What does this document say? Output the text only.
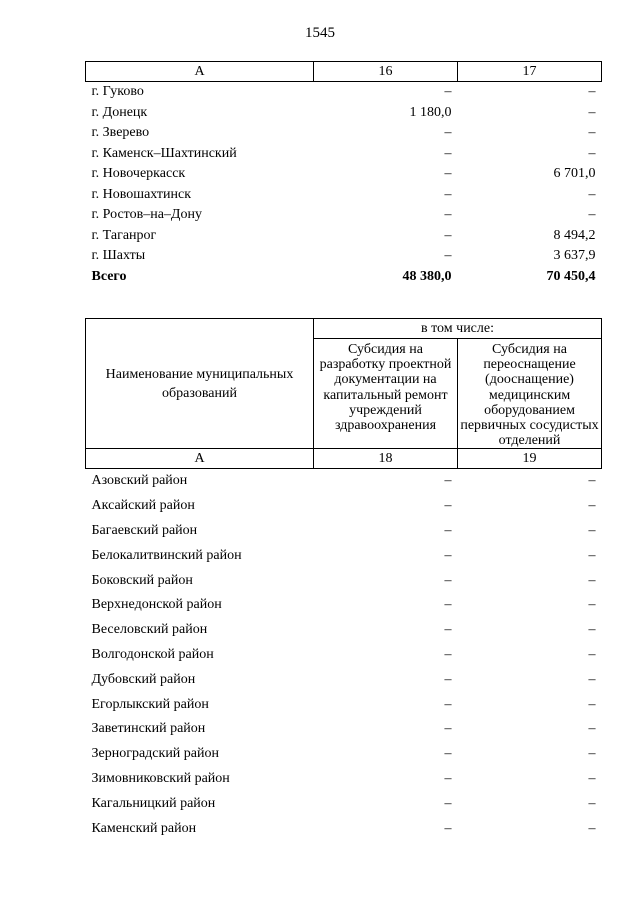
1545
А	16	17
г. Гуково	–	–
г. Донецк	1 180,0	–
г. Зверево	–	–
г. Каменск–Шахтинский	–	–
г. Новочеркасск	–	6 701,0
г. Новошахтинск	–	–
г. Ростов–на–Дону	–	–
г. Таганрог	–	8 494,2
г. Шахты	–	3 637,9
Всего	48 380,0	70 450,4
Наименование муниципальных образований	в том числе:	
	Субсидия на разработку проектной документации на капитальный ремонт учреждений здравоохранения	Субсидия на переоснащение (дооснащение) медицинским оборудованием первичных сосудистых отделений
А	18	19
Азовский район	–	–
Аксайский район	–	–
Багаевский район	–	–
Белокалитвинский район	–	–
Боковский район	–	–
Верхнедонской район	–	–
Веселовский район	–	–
Волгодонской район	–	–
Дубовский район	–	–
Егорлыкский район	–	–
Заветинский район	–	–
Зерноградский район	–	–
Зимовниковский район	–	–
Кагальницкий район	–	–
Каменский район	–	–
